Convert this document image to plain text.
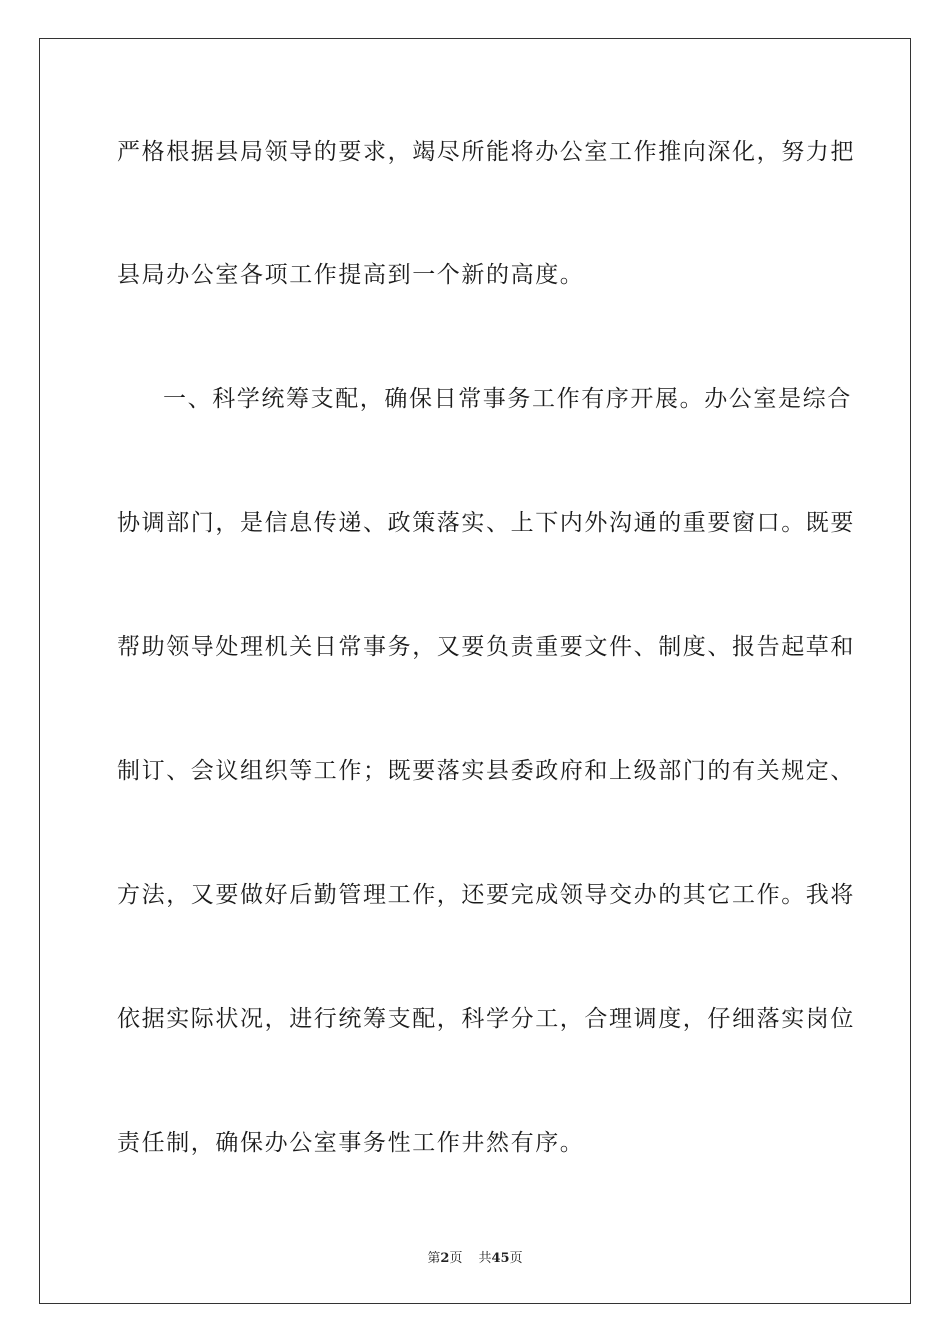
严格根据县局领导的要求，竭尽所能将办公室工作推向深化，努力把
县局办公室各项工作提高到一个新的高度。
一、科学统筹支配，确保日常事务工作有序开展。办公室是综合
协调部门，是信息传递、政策落实、上下内外沟通的重要窗口。既要
帮助领导处理机关日常事务，又要负责重要文件、制度、报告起草和
制订、会议组织等工作；既要落实县委政府和上级部门的有关规定、
方法，又要做好后勤管理工作，还要完成领导交办的其它工作。我将
依据实际状况，进行统筹支配，科学分工，合理调度，仔细落实岗位
责任制，确保办公室事务性工作井然有序。
第2页 共45页
